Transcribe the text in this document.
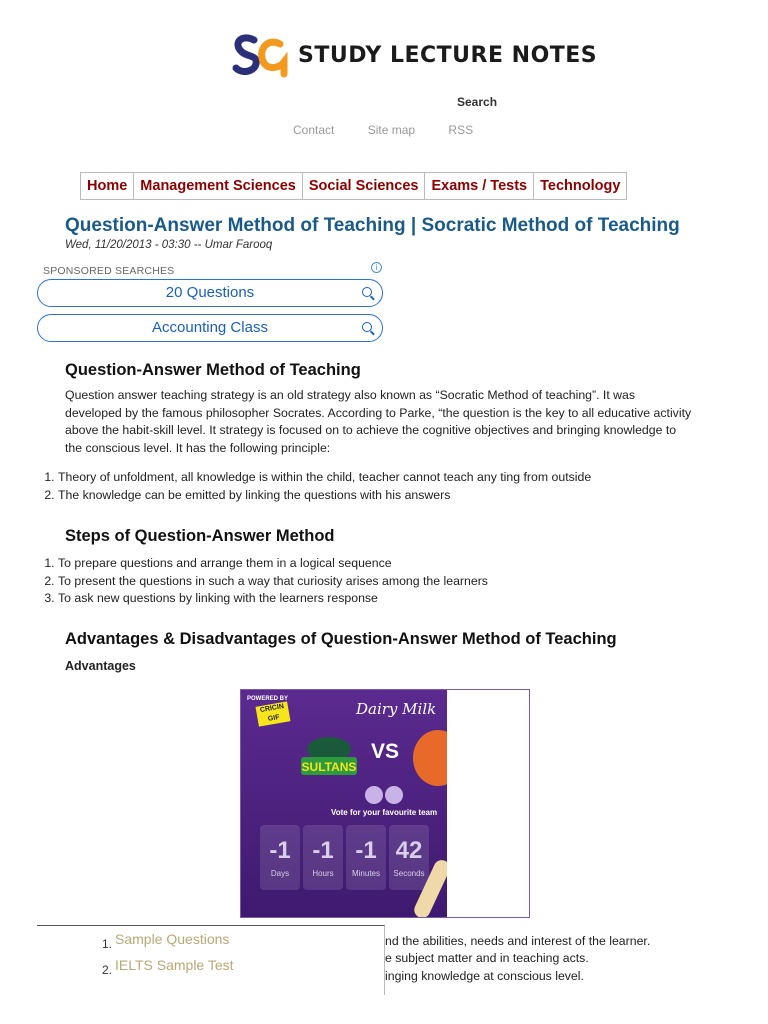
STUDY LECTURE NOTES
Search
Contact	Site map	RSS
Home Management Sciences Social Sciences Exams / Tests Technology
Question-Answer Method of Teaching | Socratic Method of Teaching
Wed, 11/20/2013 - 03:30 -- Umar Farooq
SPONSORED SEARCHES	i
20 Questions
Accounting Class
Question-Answer Method of Teaching

Question answer teaching strategy is an old strategy also known as “Socratic Method of teaching”. It was developed by the famous philosopher Socrates. According to Parke, “the question is the key to all educative activity above the habit-skill level. It strategy is focused on to achieve the cognitive objectives and bringing knowledge to the conscious level. It has the following principle:

1. Theory of unfoldment, all knowledge is within the child, teacher cannot teach any ting from outside
2. The knowledge can be emitted by linking the questions with his answers
Steps of Question-Answer Method
1. To prepare questions and arrange them in a logical sequence
2. To present the questions in such a way that curiosity arises among the learners
3. To ask new questions by linking with the learners response
Advantages & Disadvantages of Question-Answer Method of Teaching
Advantages
POWERED BY
CRICIN GIF
Dairy Milk
SULTANS
VS
Vote for your favourite team
-1
Days
-1
Hours
-1
Minutes
42
Seconds
nd the abilities, needs and interest of the learner.
e subject matter and in teaching acts.
inging knowledge at conscious level.
1. Sample Questions
2. IELTS Sample Test
